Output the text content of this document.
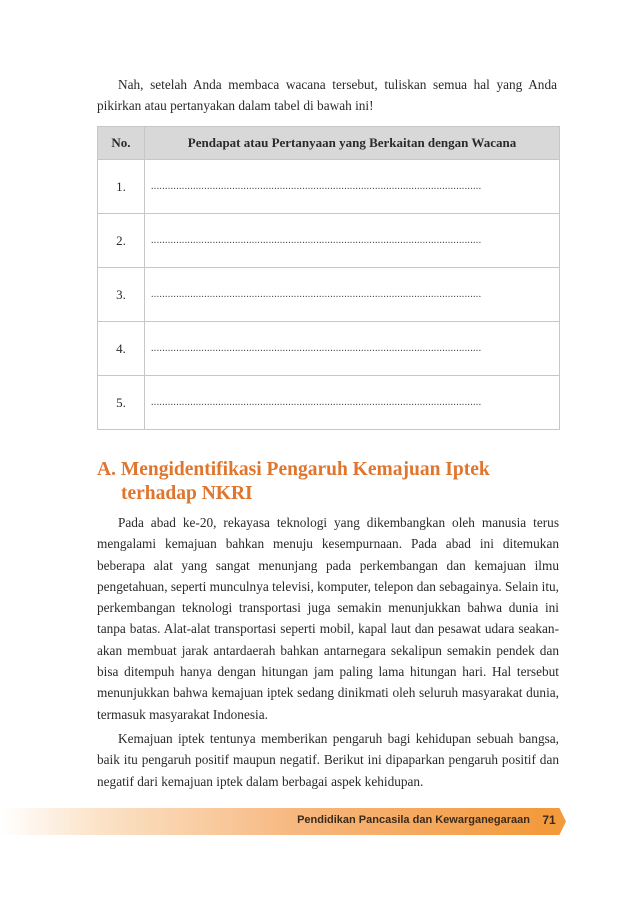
Nah, setelah Anda membaca wacana tersebut, tuliskan semua hal yang Anda pikirkan atau pertanyakan dalam tabel di bawah ini!

No.	Pendapat atau Pertanyaan yang Berkaitan dengan Wacana
1.	......................................................................................................................
2.	......................................................................................................................
3.	......................................................................................................................
4.	......................................................................................................................
5.	......................................................................................................................
A. Mengidentifikasi Pengaruh Kemajuan Iptek
terhadap NKRI

Pada abad ke-20, rekayasa teknologi yang dikembangkan oleh manusia terus mengalami kemajuan bahkan menuju kesempurnaan. Pada abad ini ditemukan beberapa alat yang sangat menunjang pada perkembangan dan kemajuan ilmu pengetahuan, seperti munculnya televisi, komputer, telepon dan sebagainya. Selain itu, perkembangan teknologi transportasi juga semakin menunjukkan bahwa dunia ini tanpa batas. Alat-alat transportasi seperti mobil, kapal laut dan pesawat udara seakan-akan membuat jarak antardaerah bahkan antarnegara sekalipun semakin pendek dan bisa ditempuh hanya dengan hitungan jam paling lama hitungan hari. Hal tersebut menunjukkan bahwa kemajuan iptek sedang dinikmati oleh seluruh masyarakat dunia, termasuk masyarakat Indonesia.

Kemajuan iptek tentunya memberikan pengaruh bagi kehidupan sebuah bangsa, baik itu pengaruh positif maupun negatif. Berikut ini dipaparkan pengaruh positif dan negatif dari kemajuan iptek dalam berbagai aspek kehidupan.

Pendidikan Pancasila dan Kewarganegaraan	71
